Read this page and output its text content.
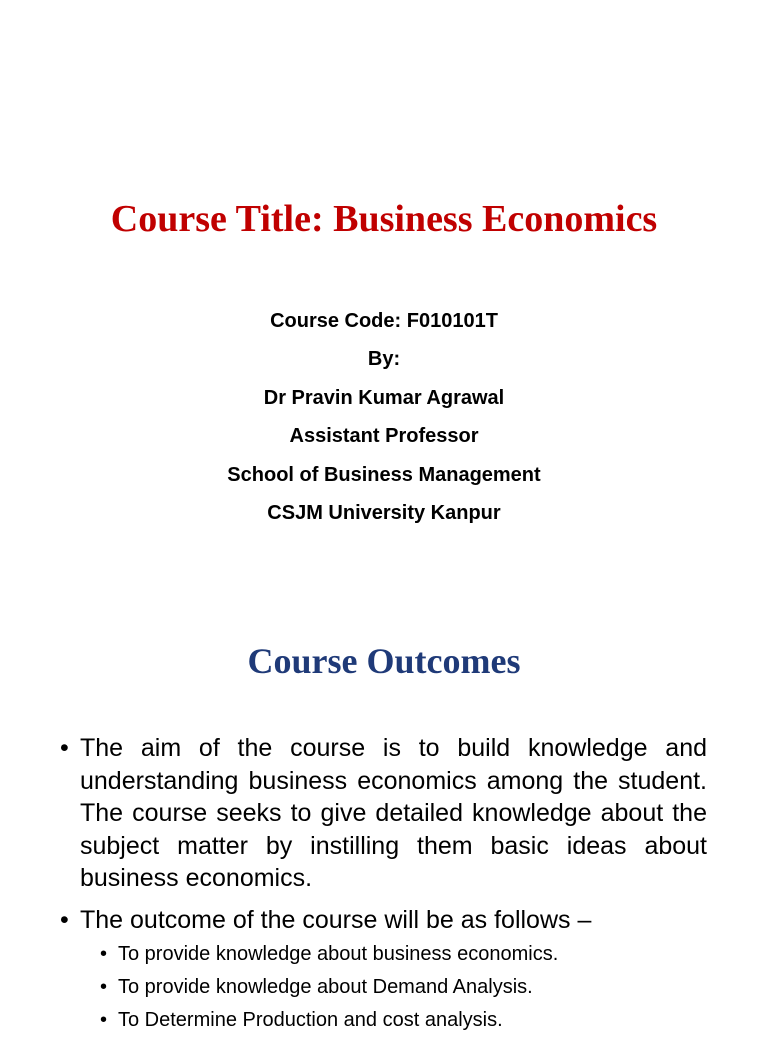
Course Title: Business Economics
Course Code: F010101T
By:
Dr Pravin Kumar Agrawal
Assistant Professor
School of Business Management
CSJM University Kanpur
Course Outcomes
• The aim of the course is to build knowledge and understanding business economics among the student. The course seeks to give detailed knowledge about the subject matter by instilling them basic ideas about business economics.
• The outcome of the course will be as follows –
• To provide knowledge about business economics.
• To provide knowledge about Demand Analysis.
• To Determine Production and cost analysis.
